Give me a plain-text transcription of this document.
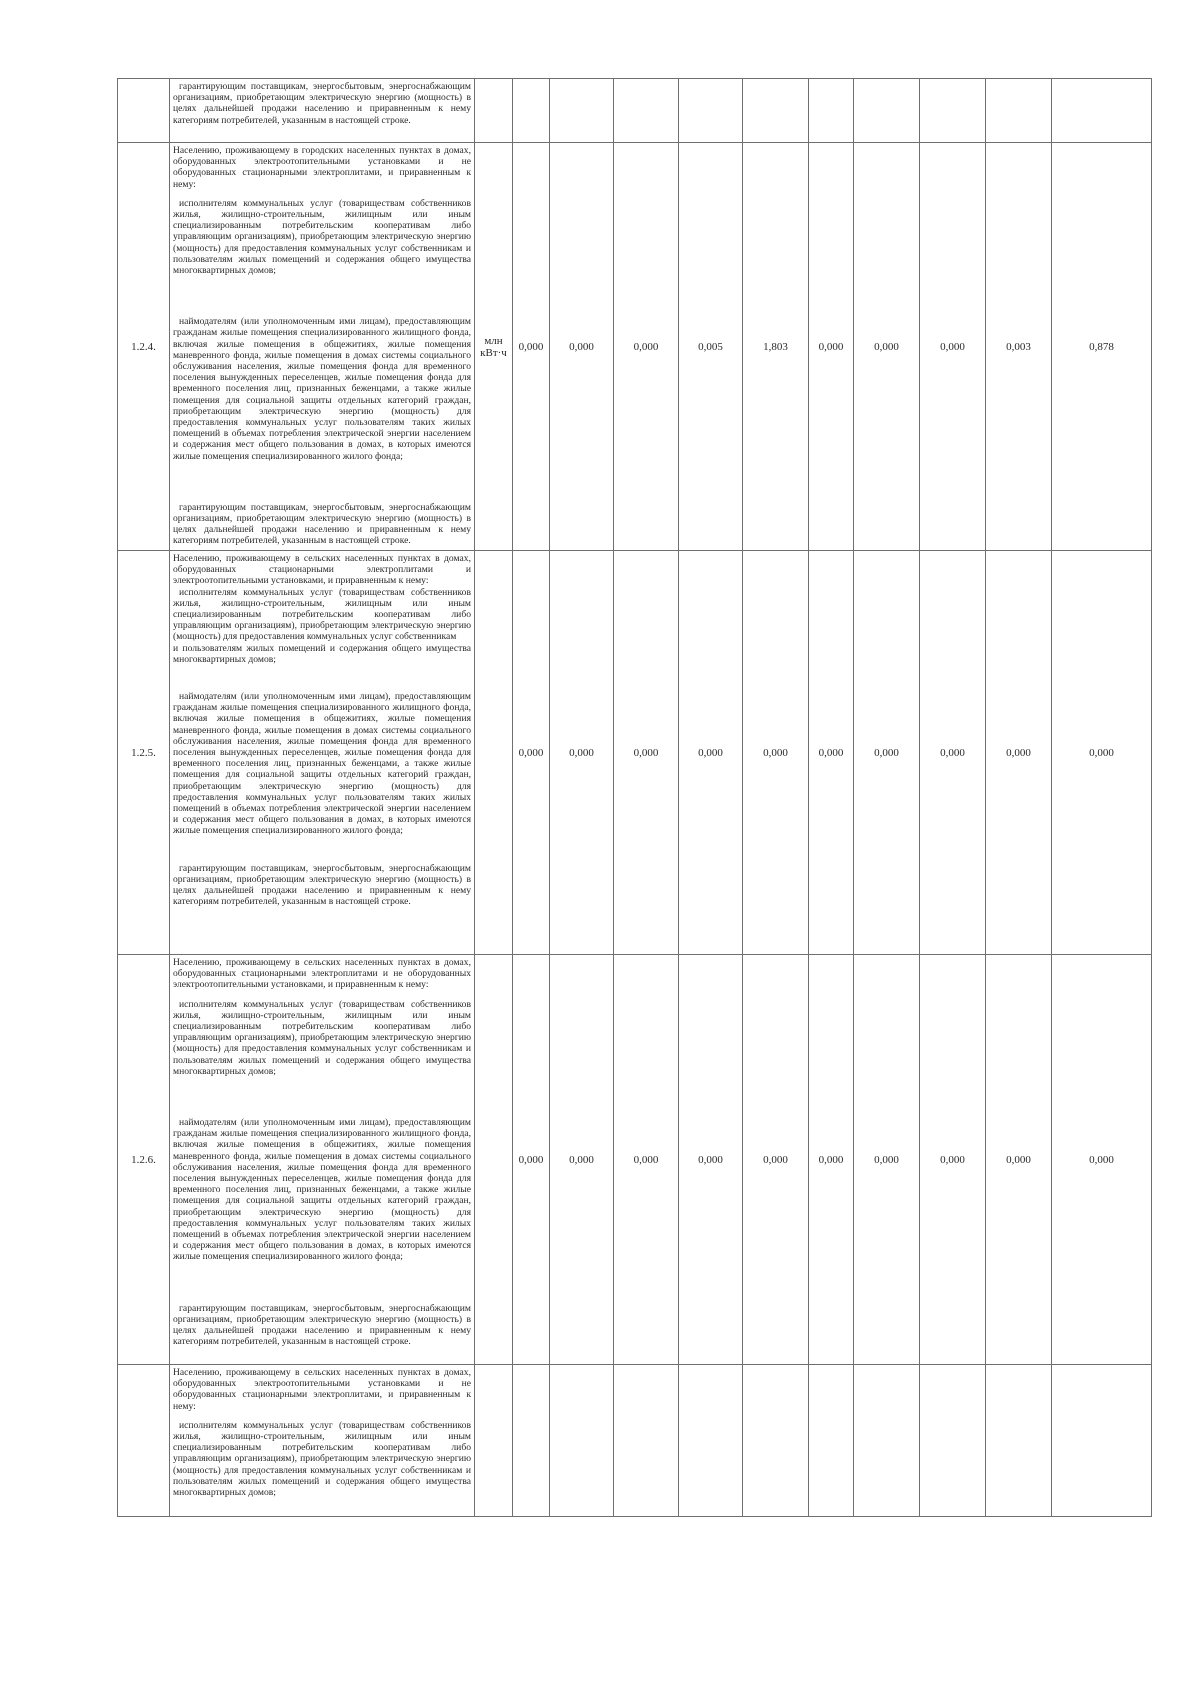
	гарантирующим поставщикам, энергосбытовым, энергоснабжающим организациям, приобретающим электрическую энергию (мощность) в целях дальнейшей продажи населению и приравненным к нему категориям потребителей, указанным в настоящей строке.											

1.2.4.	Населению, проживающему в городских населенных пунктах в домах, оборудованных электроотопительными установками и не оборудованных стационарными электроплитами, и приравненным к нему:

исполнителям коммунальных услуг (товариществам собственников жилья, жилищно-строительным, жилищным или иным специализированным потребительским кооперативам либо управляющим организациям), приобретающим электрическую энергию (мощность) для предоставления коммунальных услуг собственникам и пользователям жилых помещений и содержания общего имущества многоквартирных домов;

наймодателям (или уполномоченным ими лицам), предоставляющим гражданам жилые помещения специализированного жилищного фонда, включая жилые помещения в общежитиях, жилые помещения маневренного фонда, жилые помещения в домах системы социального обслуживания населения, жилые помещения фонда для временного поселения вынужденных переселенцев, жилые помещения фонда для временного поселения лиц, признанных беженцами, а также жилые помещения для социальной защиты отдельных категорий граждан, приобретающим электрическую энергию (мощность) для предоставления коммунальных услуг пользователям таких жилых помещений в объемах потребления электрической энергии населением и содержания мест общего пользования в домах, в которых имеются жилые помещения специализированного жилого фонда;

гарантирующим поставщикам, энергосбытовым, энергоснабжающим организациям, приобретающим электрическую энергию (мощность) в целях дальнейшей продажи населению и приравненным к нему категориям потребителей, указанным в настоящей строке.	млн кВт·ч	0,000	0,000	0,000	0,005	1,803	0,000	0,000	0,000	0,003	0,878
1.2.5.	Населению, проживающему в сельских населенных пунктах в домах, оборудованных стационарными электроплитами и электроотопительными установками, и приравненным к нему:

исполнителям коммунальных услуг (товариществам собственников жилья, жилищно-строительным, жилищным или иным специализированным потребительским кооперативам либо управляющим организациям), приобретающим электрическую энергию (мощность) для предоставления коммунальных услуг собственникам

и пользователям жилых помещений и содержания общего имущества многоквартирных домов;

наймодателям (или уполномоченным ими лицам), предоставляющим гражданам жилые помещения специализированного жилищного фонда, включая жилые помещения в общежитиях, жилые помещения маневренного фонда, жилые помещения в домах системы социального обслуживания населения, жилые помещения фонда для временного поселения вынужденных переселенцев, жилые помещения фонда для временного поселения лиц, признанных беженцами, а также жилые помещения для социальной защиты отдельных категорий граждан, приобретающим электрическую энергию (мощность) для предоставления коммунальных услуг пользователям таких жилых помещений в объемах потребления электрической энергии населением и содержания мест общего пользования в домах, в которых имеются жилые помещения специализированного жилого фонда;

гарантирующим поставщикам, энергосбытовым, энергоснабжающим организациям, приобретающим электрическую энергию (мощность) в целях дальнейшей продажи населению и приравненным к нему категориям потребителей, указанным в настоящей строке.		0,000	0,000	0,000	0,000	0,000	0,000	0,000	0,000	0,000	0,000
1.2.6.	Населению, проживающему в сельских населенных пунктах в домах, оборудованных стационарными электроплитами и не оборудованных электроотопительными установками, и приравненным к нему:

исполнителям коммунальных услуг (товариществам собственников жилья, жилищно-строительным, жилищным или иным специализированным потребительским кооперативам либо управляющим организациям), приобретающим электрическую энергию (мощность) для предоставления коммунальных услуг собственникам и пользователям жилых помещений и содержания общего имущества многоквартирных домов;

наймодателям (или уполномоченным ими лицам), предоставляющим гражданам жилые помещения специализированного жилищного фонда, включая жилые помещения в общежитиях, жилые помещения маневренного фонда, жилые помещения в домах системы социального обслуживания населения, жилые помещения фонда для временного поселения вынужденных переселенцев, жилые помещения фонда для временного поселения лиц, признанных беженцами, а также жилые помещения для социальной защиты отдельных категорий граждан, приобретающим электрическую энергию (мощность) для предоставления коммунальных услуг пользователям таких жилых помещений в объемах потребления электрической энергии населением и содержания мест общего пользования в домах, в которых имеются жилые помещения специализированного жилого фонда;

гарантирующим поставщикам, энергосбытовым, энергоснабжающим организациям, приобретающим электрическую энергию (мощность) в целях дальнейшей продажи населению и приравненным к нему категориям потребителей, указанным в настоящей строке.		0,000	0,000	0,000	0,000	0,000	0,000	0,000	0,000	0,000	0,000

	Населению, проживающему в сельских населенных пунктах в домах, оборудованных электроотопительными установками и не оборудованных стационарными электроплитами, и приравненным к нему:

исполнителям коммунальных услуг (товариществам собственников жилья, жилищно-строительным, жилищным или иным специализированным потребительским кооперативам либо управляющим организациям), приобретающим электрическую энергию (мощность) для предоставления коммунальных услуг собственникам и пользователям жилых помещений и содержания общего имущества многоквартирных домов;											
